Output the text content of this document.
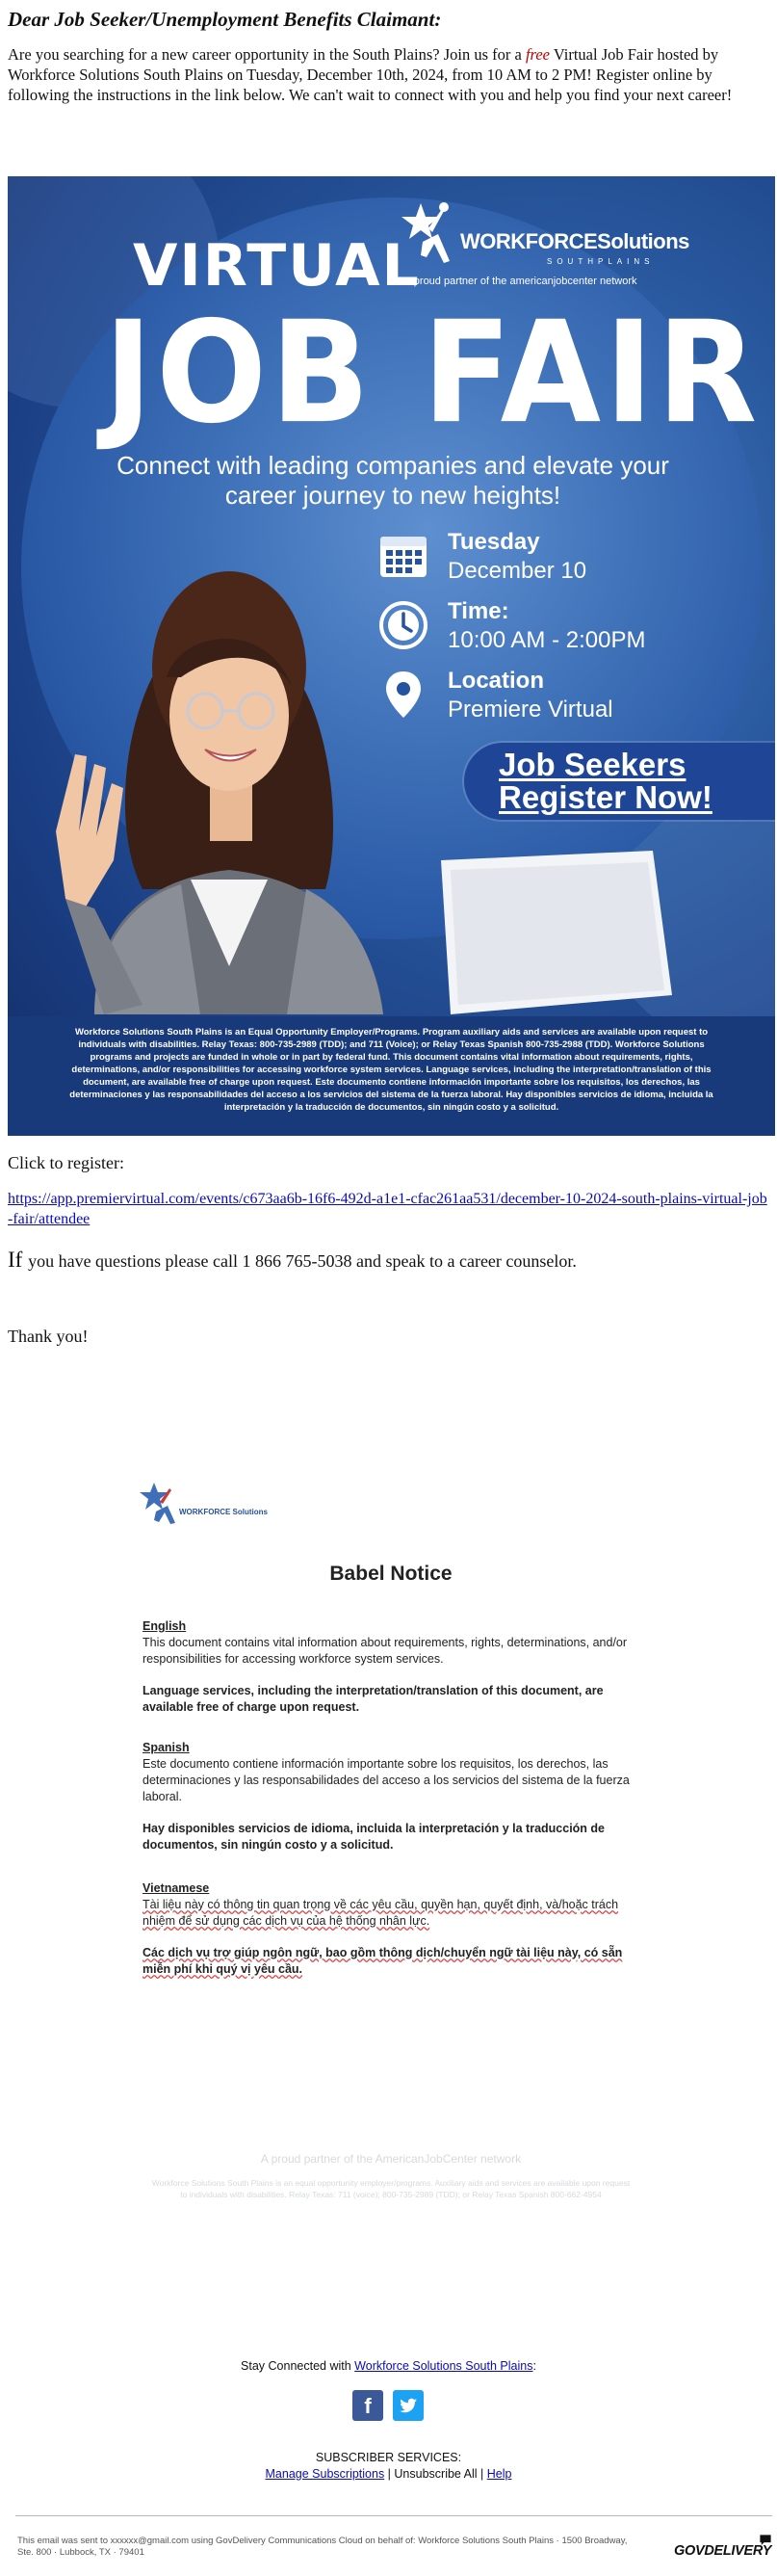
Dear Job Seeker/Unemployment Benefits Claimant:
Are you searching for a new career opportunity in the South Plains? Join us for a free Virtual Job Fair hosted by Workforce Solutions South Plains on Tuesday, December 10th, 2024, from 10 AM to 2 PM! Register online by following the instructions in the link below. We can't wait to connect with you and help you find your next career!
WORKFORCESolutions
SOUTHPLAINS
A proud partner of the americanjobcenter network
VIRTUAL
JOB FAIR
Connect with leading companies and elevate your career journey to new heights!
Tuesday
December 10
Time:
10:00 AM - 2:00PM
Location
Premiere Virtual
Job Seekers
Register Now!
Workforce Solutions South Plains is an Equal Opportunity Employer/Programs. Program auxiliary aids and services are available upon request to individuals with disabilities. Relay Texas: 800-735-2989 (TDD); and 711 (Voice); or Relay Texas Spanish 800-735-2988 (TDD). Workforce Solutions programs and projects are funded in whole or in part by federal fund. This document contains vital information about requirements, rights, determinations, and/or responsibilities for accessing workforce system services. Language services, including the interpretation/translation of this document, are available free of charge upon request. Este documento contiene información importante sobre los requisitos, los derechos, las determinaciones y las responsabilidades del acceso a los servicios del sistema de la fuerza laboral. Hay disponibles servicios de idioma, incluida la interpretación y la traducción de documentos, sin ningún costo y a solicitud.
Click to register:
https://app.premiervirtual.com/events/c673aa6b-16f6-492d-a1e1-cfac261aa531/december-10-2024-south-plains-virtual-job-fair/attendee
If you have questions please call 1 866 765-5038 and speak to a career counselor.
Thank you!
WORKFORCE Solutions
Babel Notice
English
This document contains vital information about requirements, rights, determinations, and/or responsibilities for accessing workforce system services.
Language services, including the interpretation/translation of this document, are available free of charge upon request.
Spanish
Este documento contiene información importante sobre los requisitos, los derechos, las determinaciones y las responsabilidades del acceso a los servicios del sistema de la fuerza laboral.
Hay disponibles servicios de idioma, incluida la interpretación y la traducción de documentos, sin ningún costo y a solicitud.
Vietnamese
Tài liệu này có thông tin quan trọng về các yêu cầu, quyền hạn, quyết định, và/hoặc trách nhiệm để sử dụng các dịch vụ của hệ thống nhân lực.
Các dịch vụ trợ giúp ngôn ngữ, bao gồm thông dịch/chuyển ngữ tài liệu này, có sẵn miễn phí khi quý vị yêu cầu.
A proud partner of the AmericanJobCenter network
Workforce Solutions South Plains is an equal opportunity employer/programs. Auxiliary aids and services are available upon request to individuals with disabilities. Relay Texas: 711 (voice); 800-735-2989 (TDD); or Relay Texas Spanish 800-662-4954
Stay Connected with Workforce Solutions South Plains:
f
SUBSCRIBER SERVICES:
Manage Subscriptions | Unsubscribe All | Help
This email was sent to xxxxxx@gmail.com using GovDelivery Communications Cloud on behalf of: Workforce Solutions South Plains · 1500 Broadway, Ste. 800 · Lubbock, TX · 79401	GOVDELIVERY
